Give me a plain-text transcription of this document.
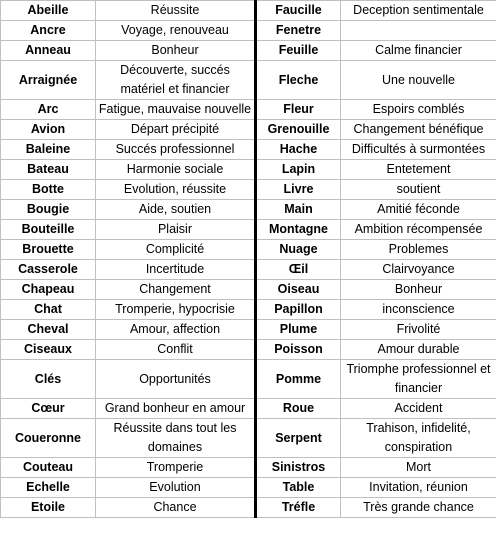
Abeille	Réussite	Faucille	Deception sentimentale
Ancre	Voyage, renouveau	Fenetre	
Anneau	Bonheur	Feuille	Calme financier
Arraignée	Découverte, succés matériel et financier	Fleche	Une nouvelle
Arc	Fatigue, mauvaise nouvelle	Fleur	Espoirs comblés
Avion	Départ précipité	Grenouille	Changement bénéfique
Baleine	Succés professionnel	Hache	Difficultés à surmontées
Bateau	Harmonie sociale	Lapin	Entetement
Botte	Evolution, réussite	Livre	soutient
Bougie	Aide, soutien	Main	Amitié féconde
Bouteille	Plaisir	Montagne	Ambition récompensée
Brouette	Complicité	Nuage	Problemes
Casserole	Incertitude	Œil	Clairvoyance
Chapeau	Changement	Oiseau	Bonheur
Chat	Tromperie, hypocrisie	Papillon	inconscience
Cheval	Amour, affection	Plume	Frivolité
Ciseaux	Conflit	Poisson	Amour durable
Clés	Opportunités	Pomme	Triomphe professionnel et financier
Cœur	Grand bonheur en amour	Roue	Accident
Coueronne	Réussite dans tout les domaines	Serpent	Trahison, infidelité, conspiration
Couteau	Tromperie	Sinistros	Mort
Echelle	Evolution	Table	Invitation, réunion
Etoile	Chance	Tréfle	Très grande chance
